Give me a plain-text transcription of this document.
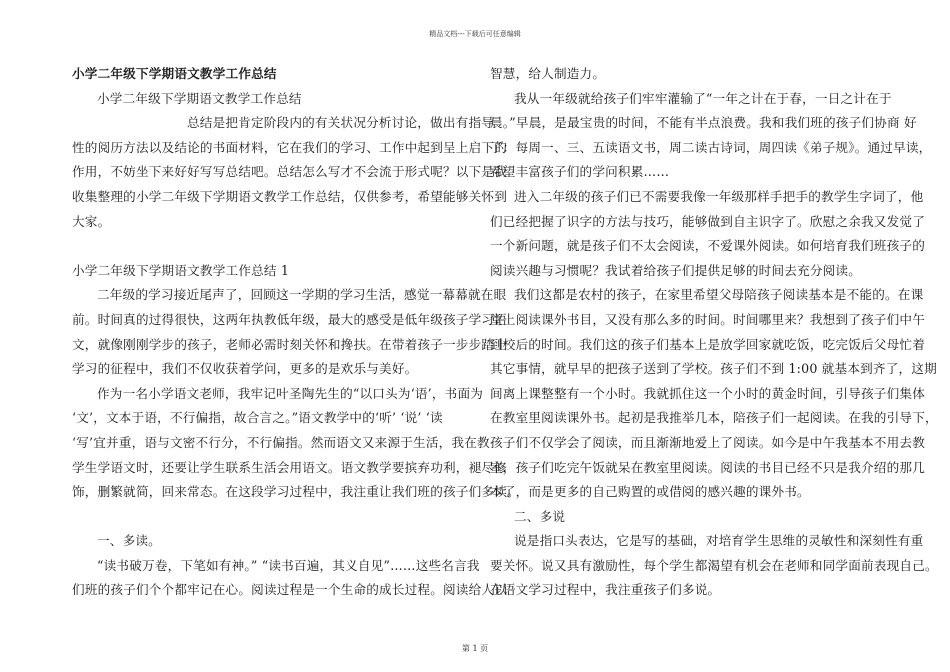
精品文档---下载后可任意编辑
小学二年级下学期语文教学工作总结
小学二年级下学期语文教学工作总结
总结是把肯定阶段内的有关状况分析讨论，做出有指导
性的阅历方法以及结论的书面材料，它在我们的学习、工作中起到呈上启下的
作用，不妨坐下来好好写写总结吧。总结怎么写才不会流于形式呢？以下是我
收集整理的小学二年级下学期语文教学工作总结，仅供参考，希望能够关怀到
大家。
小学二年级下学期语文教学工作总结 1
二年级的学习接近尾声了，回顾这一学期的学习生活，感觉一幕幕就在眼
前。时间真的过得很快，这两年执教低年级，最大的感受是低年级孩子学习语
文，就像刚刚学步的孩子，老师必需时刻关怀和搀扶。在带着孩子一步步踏上
学习的征程中，我们不仅收获着学问，更多的是欢乐与美好。
作为一名小学语文老师，我牢记叶圣陶先生的“以口头为‘语’，书面为
‘文’，文本于语，不行偏指，故合言之。”语文教学中的‘听’ ‘说’ ‘读
‘写’宜并重，语与文密不行分，不行偏指。然而语文又来源于生活，我在教
学生学语文时，还要让学生联系生活会用语文。语文教学要摈弃功利，褪尽修
饰，删繁就简，回来常态。在这段学习过程中，我注重让我们班的孩子们多读。
一、多读。
“读书破万卷，下笔如有神。” “读书百遍，其义自见”……这些名言我
们班的孩子们个个都牢记在心。阅读过程是一个生命的成长过程。阅读给人以
智慧，给人制造力。
我从一年级就给孩子们牢牢灌输了“一年之计在于春，一日之计在于
晨。”早晨，是最宝贵的时间，不能有半点浪费。我和我们班的孩子们协商 好
了：每周一、三、五读语文书，周二读古诗词，周四读《弟子规》。通过早读，
希望丰富孩子们的学问积累……
进入二年级的孩子们已不需要我像一年级那样手把手的教学生字词了，他
们已经把握了识字的方法与技巧，能够做到自主识字了。欣慰之余我又发觉了
一个新问题，就是孩子们不太会阅读，不爱课外阅读。如何培育我们班孩子的
阅读兴趣与习惯呢？我试着给孩子们提供足够的时间去充分阅读。
我们这都是农村的孩子，在家里希望父母陪孩子阅读基本是不能的。在课
堂上阅读课外书目，又没有那么多的时间。时间哪里来？我想到了孩子们中午
到校后的时间。我们这的孩子们基本上是放学回家就吃饭，吃完饭后父母忙着
其它事情，就早早的把孩子送到了学校。孩子们不到 1:00 就基本到齐了，这期
间离上课整整有一个小时。我就抓住这一个小时的黄金时间，引导孩子们集体
在教室里阅读课外书。起初是我推举几本，陪孩子们一起阅读。在我的引导下，
孩子们不仅学会了阅读，而且渐渐地爱上了阅读。如今是中午我基本不用去教
室，孩子们吃完午饭就呆在教室里阅读。阅读的书目已经不只是我介绍的那几
本了，而是更多的自己购置的或借阅的感兴趣的课外书。
二、多说
说是指口头表达，它是写的基础，对培育学生思维的灵敏性和深刻性有重
要关怀。说又具有激励性，每个学生都渴望有机会在老师和同学面前表现自己。
在语文学习过程中，我注重孩子们多说。
第 1 页
